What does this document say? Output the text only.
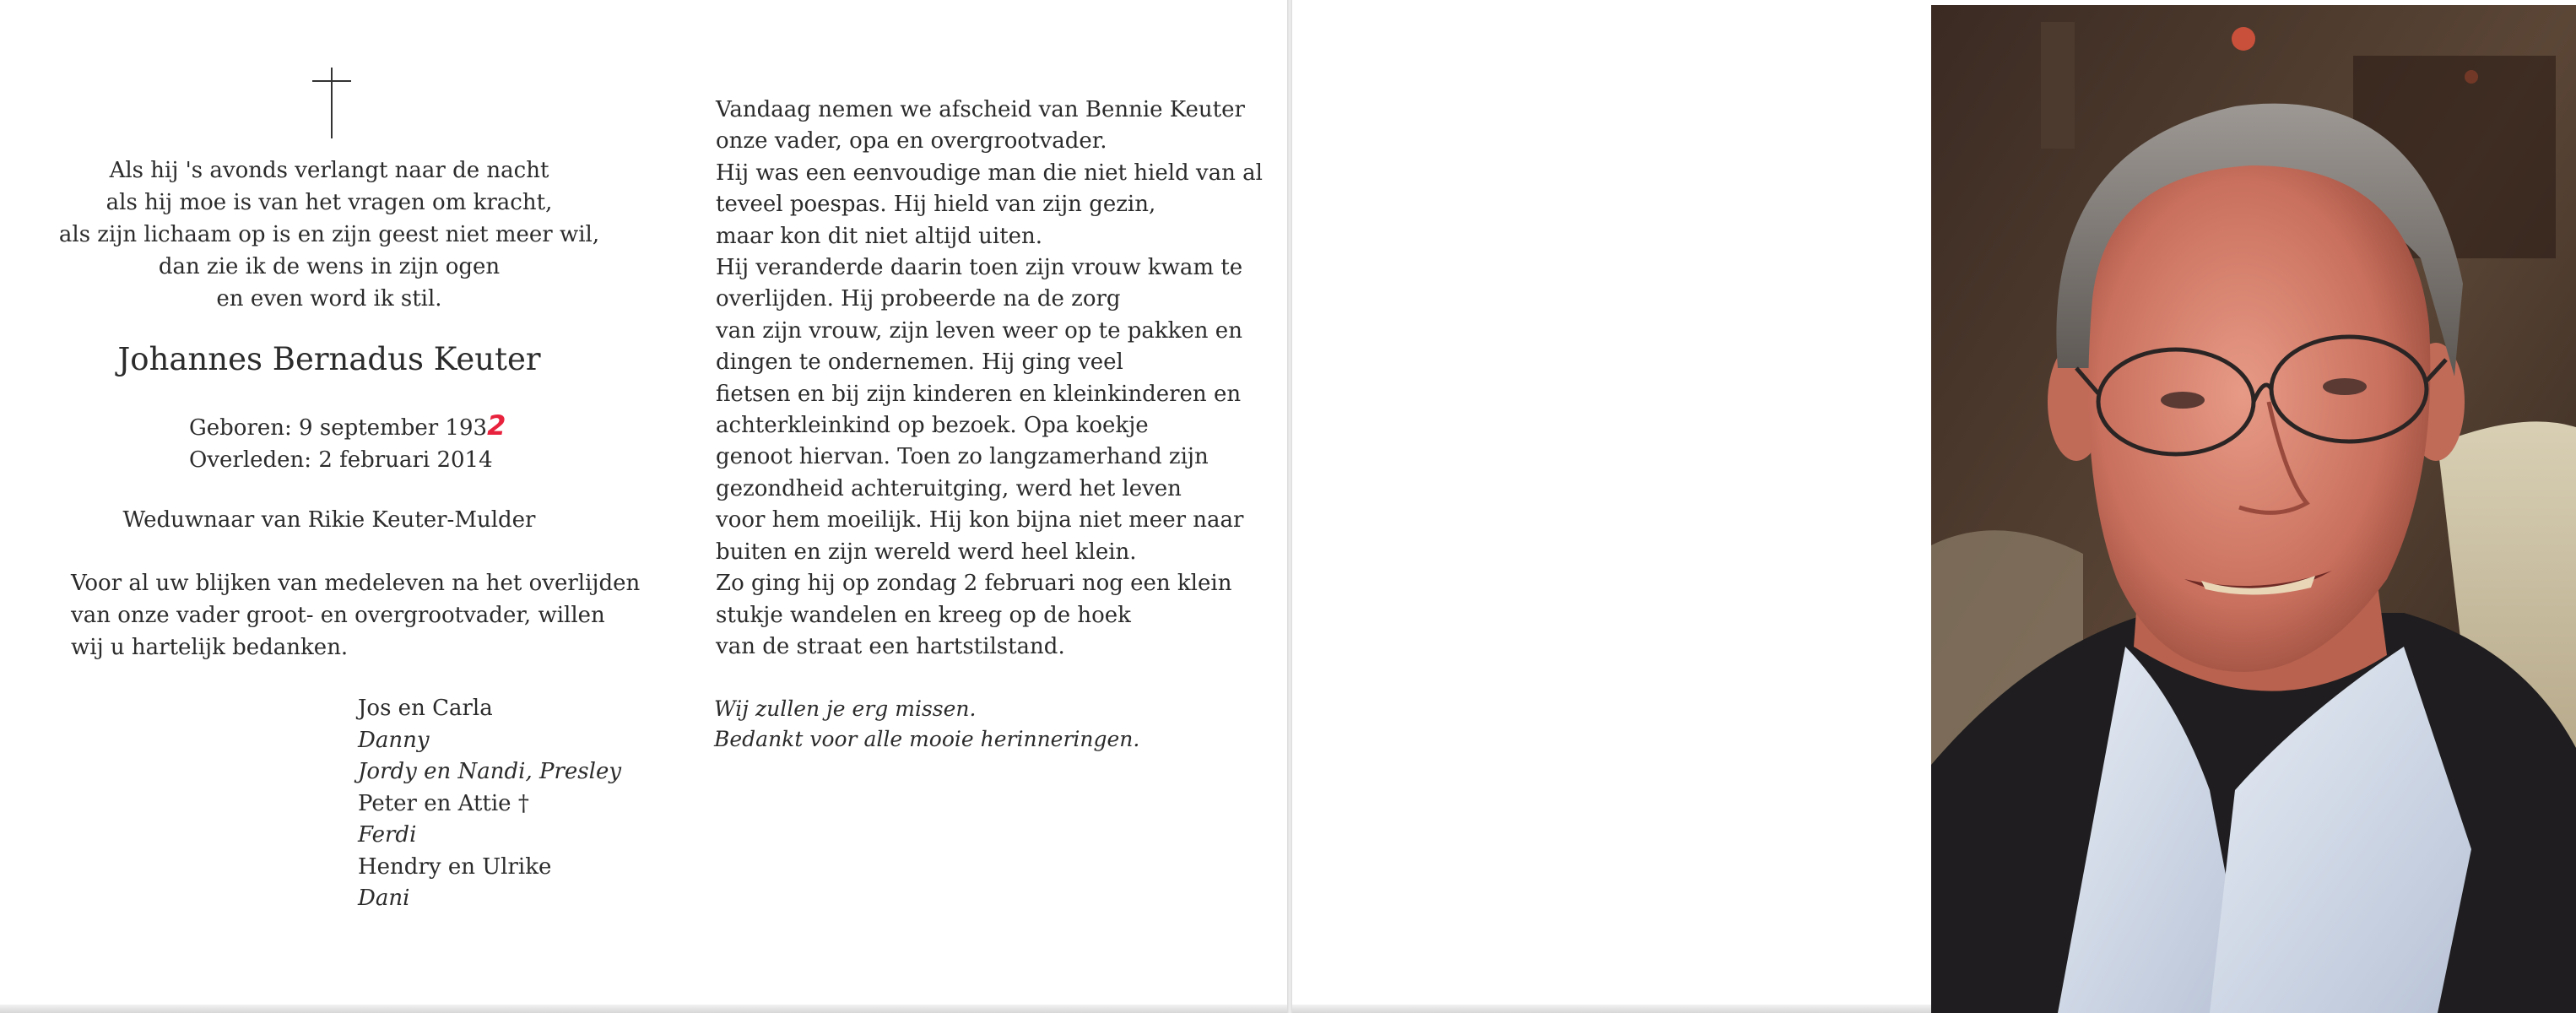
Als hij 's avonds verlangt naar de nacht
als hij moe is van het vragen om kracht,
als zijn lichaam op is en zijn geest niet meer wil,
dan zie ik de wens in zijn ogen
en even word ik stil.
Johannes Bernadus Keuter
Geboren: 9 september 1932
Overleden: 2 februari 2014
Weduwnaar van Rikie Keuter-Mulder
Voor al uw blijken van medeleven na het overlijden
van onze vader groot- en overgrootvader, willen
wij u hartelijk bedanken.
Jos en Carla
Danny
Jordy en Nandi, Presley
Peter en Attie †
Ferdi
Hendry en Ulrike
Dani
Vandaag nemen we afscheid van Bennie Keuter
onze vader, opa en overgrootvader.
Hij was een eenvoudige man die niet hield van al
teveel poespas. Hij hield van zijn gezin,
maar kon dit niet altijd uiten.
Hij veranderde daarin toen zijn vrouw kwam te
overlijden. Hij probeerde na de zorg
van zijn vrouw, zijn leven weer op te pakken en
dingen te ondernemen. Hij ging veel
fietsen en bij zijn kinderen en kleinkinderen en
achterkleinkind op bezoek. Opa koekje
genoot hiervan. Toen zo langzamerhand zijn
gezondheid achteruitging, werd het leven
voor hem moeilijk. Hij kon bijna niet meer naar
buiten en zijn wereld werd heel klein.
Zo ging hij op zondag 2 februari nog een klein
stukje wandelen en kreeg op de hoek
van de straat een hartstilstand.
Wij zullen je erg missen.
Bedankt voor alle mooie herinneringen.
